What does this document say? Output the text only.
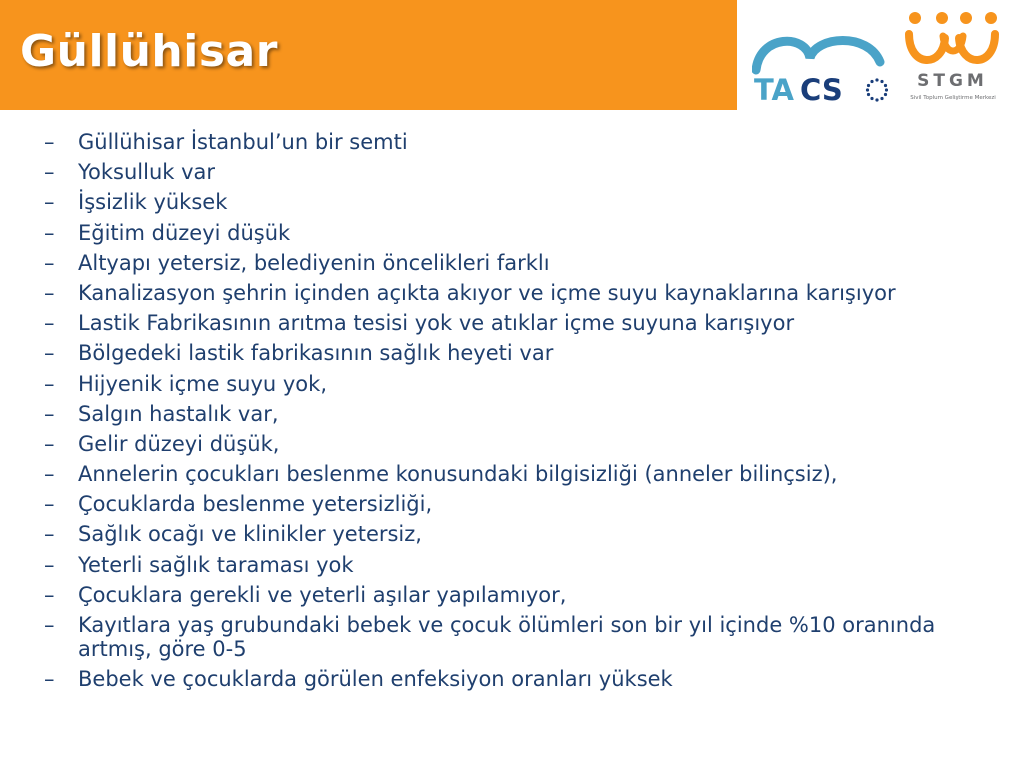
Güllühisar
TA CS	STGM
Sivil Toplum Geliştirme Merkezi
– Güllühisar İstanbul’un bir semti
– Yoksulluk var
– İşsizlik yüksek
– Eğitim düzeyi düşük
– Altyapı yetersiz, belediyenin öncelikleri farklı
– Kanalizasyon şehrin içinden açıkta akıyor ve içme suyu kaynaklarına karışıyor
– Lastik Fabrikasının arıtma tesisi yok ve atıklar içme suyuna karışıyor
– Bölgedeki lastik fabrikasının sağlık heyeti var
– Hijyenik içme suyu yok,
– Salgın hastalık var,
– Gelir düzeyi düşük,
– Annelerin çocukları beslenme konusundaki bilgisizliği (anneler bilinçsiz),
– Çocuklarda beslenme yetersizliği,
– Sağlık ocağı ve klinikler yetersiz,
– Yeterli sağlık taraması yok
– Çocuklara gerekli ve yeterli aşılar yapılamıyor,
– Kayıtlara yaş grubundaki bebek ve çocuk ölümleri son bir yıl içinde %10 oranında artmış, göre 0-5
– Bebek ve çocuklarda görülen enfeksiyon oranları yüksek
